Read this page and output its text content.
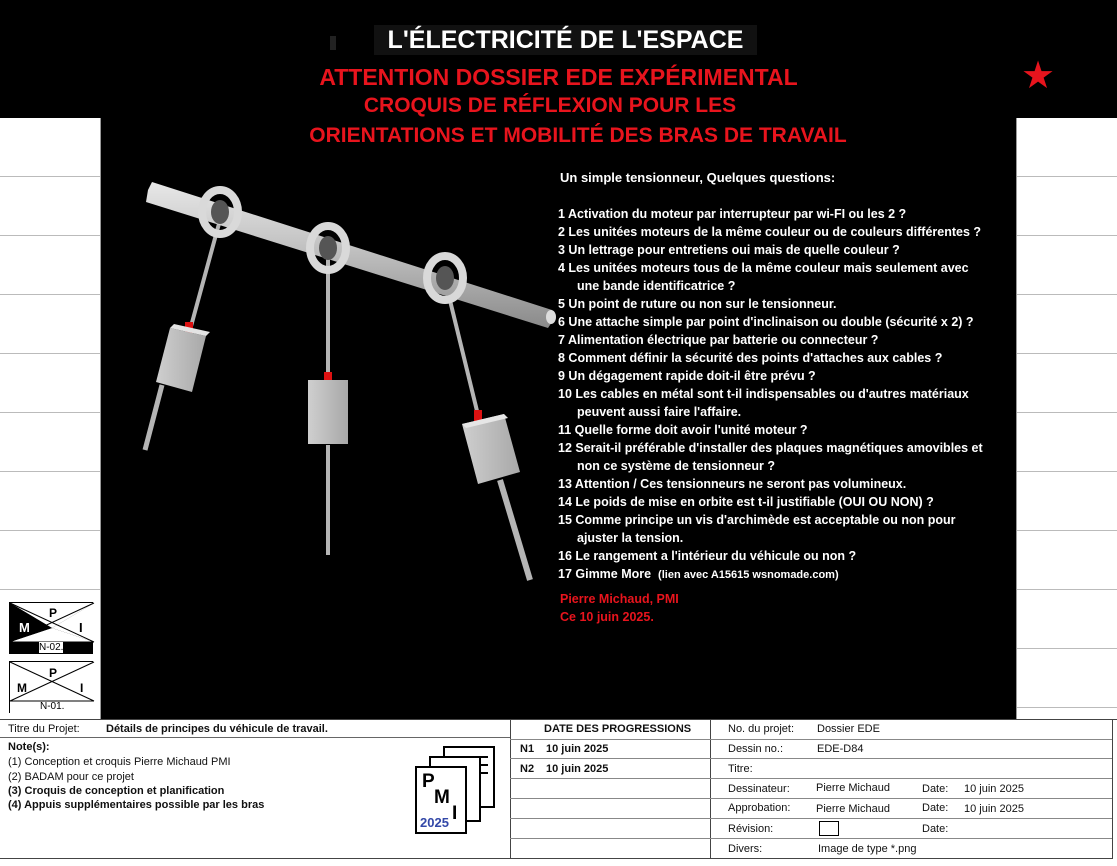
L'ÉLECTRICITÉ DE L'ESPACE
ATTENTION DOSSIER EDE EXPÉRIMENTAL
CROQUIS DE RÉFLEXION POUR LES
ORIENTATIONS ET MOBILITÉ DES BRAS DE TRAVAIL
★
Un simple tensionneur, Quelques questions:
1 Activation du moteur par interrupteur par wi-FI ou les 2 ?
2 Les unitées moteurs de la même couleur ou de couleurs différentes ?
3 Un lettrage pour entretiens oui mais de quelle couleur ?
4 Les unitées moteurs tous de la même couleur mais seulement avec
une bande identificatrice ?
5 Un point de ruture ou non sur le tensionneur.
6 Une attache simple par point d'inclinaison ou double (sécurité x 2) ?
7 Alimentation électrique par batterie ou connecteur ?
8 Comment définir la sécurité des points d'attaches aux cables ?
9 Un dégagement rapide doit-il être prévu ?
10 Les cables en métal sont t-il indispensables ou d'autres matériaux
peuvent aussi faire l'affaire.
11 Quelle forme doit avoir l'unité moteur ?
12 Serait-il préférable d'installer des plaques magnétiques amovibles et
non ce système de tensionneur ?
13 Attention / Ces tensionneurs ne seront pas volumineux.
14 Le poids de mise en orbite est t-il justifiable (OUI OU NON) ?
15 Comme principe un vis d'archimède est acceptable ou non pour
ajuster la tension.
16 Le rangement a l'intérieur du véhicule ou non ?
17 Gimme More (lien avec A15615 wsnomade.com)
Pierre Michaud, PMI
Ce 10 juin 2025.
M
P
I
N-02.
M
P
I
N-01.
Titre du Projet: Détails de principes du véhicule de travail.
Note(s):
(1) Conception et croquis Pierre Michaud PMI
(2) BADAM pour ce projet
(3) Croquis de conception et planification
(4) Appuis supplémentaires possible par les bras
P
M
I
2025
DATE DES PROGRESSIONS
N1 10 juin 2025
N2 10 juin 2025
No. du projet: Dossier EDE
Dessin no.:	EDE-D84
Titre:
Dessinateur: Pierre Michaud	Date: 10 juin 2025
Approbation: Pierre Michaud	Date: 10 juin 2025
Révision:	Date:
Divers:	Image de type *.png
